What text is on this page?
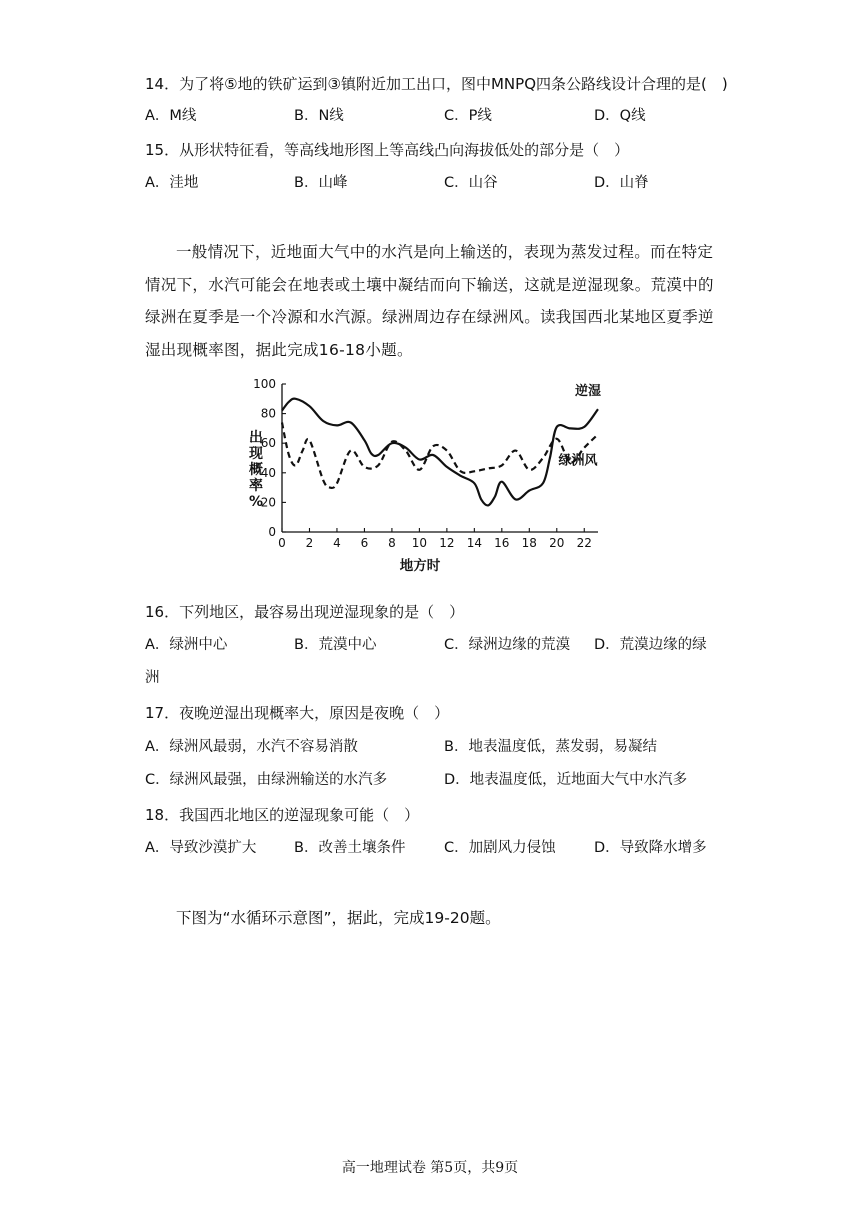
14．为了将⑤地的铁矿运到③镇附近加工出口，图中MNPQ四条公路线设计合理的是(　)
A．M线	B．N线	C．P线	D．Q线
15．从形状特征看，等高线地形图上等高线凸向海拔低处的部分是（　）
A．洼地	B．山峰	C．山谷	D．山脊
一般情况下，近地面大气中的水汽是向上输送的，表现为蒸发过程。而在特定情况下，水汽可能会在地表或土壤中凝结而向下输送，这就是逆湿现象。荒漠中的绿洲在夏季是一个冷源和水汽源。绿洲周边存在绿洲风。读我国西北某地区夏季逆湿出现概率图，据此完成16-18小题。
0
20
40
60
80
100
0 2 4 6 8 10 12 14 16 18 20 22
地方时
出
现
概
率
%
逆湿
绿洲风
16．下列地区，最容易出现逆湿现象的是（　）
A．绿洲中心	B．荒漠中心	C．绿洲边缘的荒漠 D．荒漠边缘的绿
洲
17．夜晚逆湿出现概率大，原因是夜晚（　）
A．绿洲风最弱，水汽不容易消散	B．地表温度低，蒸发弱，易凝结
C．绿洲风最强，由绿洲输送的水汽多	D．地表温度低，近地面大气中水汽多
18．我国西北地区的逆湿现象可能（　）
A．导致沙漠扩大	B．改善土壤条件	C．加剧风力侵蚀	D．导致降水增多
下图为“水循环示意图”，据此，完成19-20题。
高一地理试卷 第5页，共9页
